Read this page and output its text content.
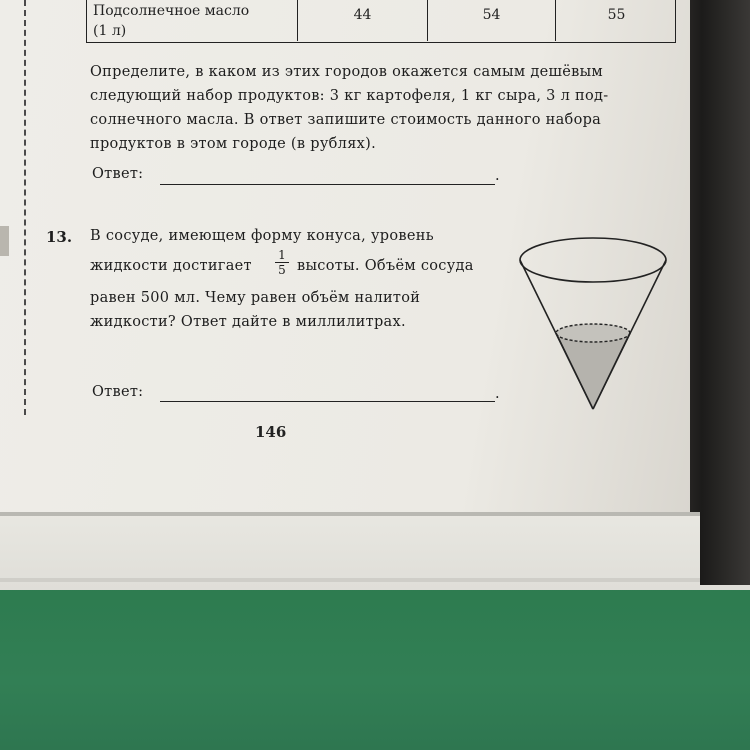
Подсолнечное масло
(1 л)
44	54	55
Определите, в каком из этих городов окажется самым дешёвым
следующий набор продуктов: 3 кг картофеля, 1 кг сыра, 3 л под-
солнечного масла. В ответ запишите стоимость данного набора
продуктов в этом городе (в рублях).
Ответ:	.
13. В сосуде, имеющем форму конуса, уровень
жидкости достигает
1
5 высоты. Объём сосуда
равен 500 мл. Чему равен объём налитой
жидкости? Ответ дайте в миллилитрах.
Ответ:	.
146
